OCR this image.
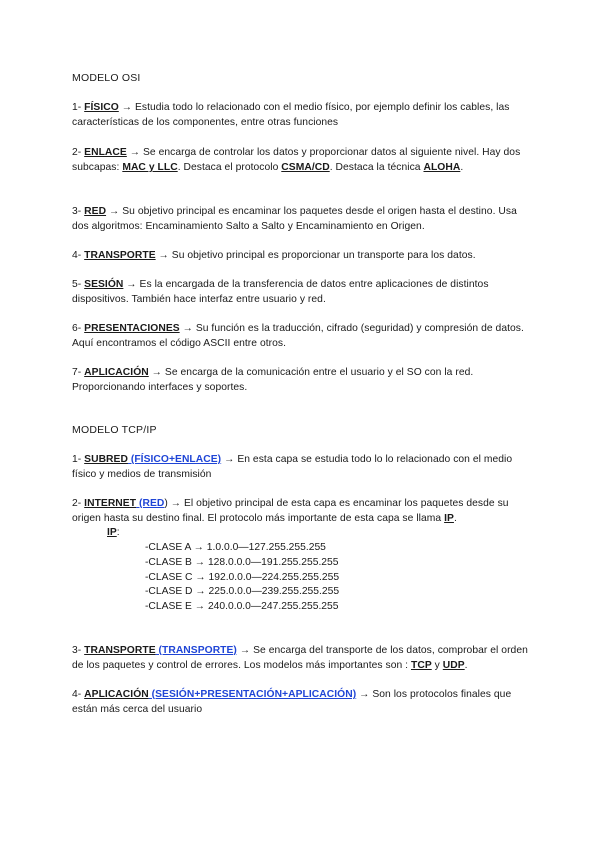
MODELO OSI
1- FÍSICO → Estudia todo lo relacionado con el medio físico, por ejemplo definir los cables, las características de los componentes, entre otras funciones
2- ENLACE → Se encarga de controlar los datos y proporcionar datos al siguiente nivel. Hay dos subcapas: MAC y LLC. Destaca el protocolo CSMA/CD. Destaca la técnica ALOHA.
3- RED → Su objetivo principal es encaminar los paquetes desde el origen hasta el destino. Usa dos algoritmos: Encaminamiento Salto a Salto y Encaminamiento en Origen.
4- TRANSPORTE → Su objetivo principal es proporcionar un transporte para los datos.
5- SESIÓN → Es la encargada de la transferencia de datos entre aplicaciones de distintos dispositivos. También hace interfaz entre usuario y red.
6- PRESENTACIONES → Su función es la traducción, cifrado (seguridad) y compresión de datos. Aquí encontramos el código ASCII entre otros.
7- APLICACIÓN → Se encarga de la comunicación entre el usuario y el SO con la red. Proporcionando interfaces y soportes.
MODELO TCP/IP
1- SUBRED (FÍSICO+ENLACE) → En esta capa se estudia todo lo lo relacionado con el medio físico y medios de transmisión
2- INTERNET (RED) → El objetivo principal de esta capa es encaminar los paquetes desde su origen hasta su destino final. El protocolo más importante de esta capa se llama IP.
IP:
-CLASE A → 1.0.0.0—127.255.255.255
-CLASE B → 128.0.0.0—191.255.255.255
-CLASE C → 192.0.0.0—224.255.255.255
-CLASE D → 225.0.0.0—239.255.255.255
-CLASE E → 240.0.0.0—247.255.255.255
3- TRANSPORTE (TRANSPORTE) → Se encarga del transporte de los datos, comprobar el orden de los paquetes y control de errores. Los modelos más importantes son : TCP y UDP.
4- APLICACIÓN (SESIÓN+PRESENTACIÓN+APLICACIÓN) → Son los protocolos finales que están más cerca del usuario
